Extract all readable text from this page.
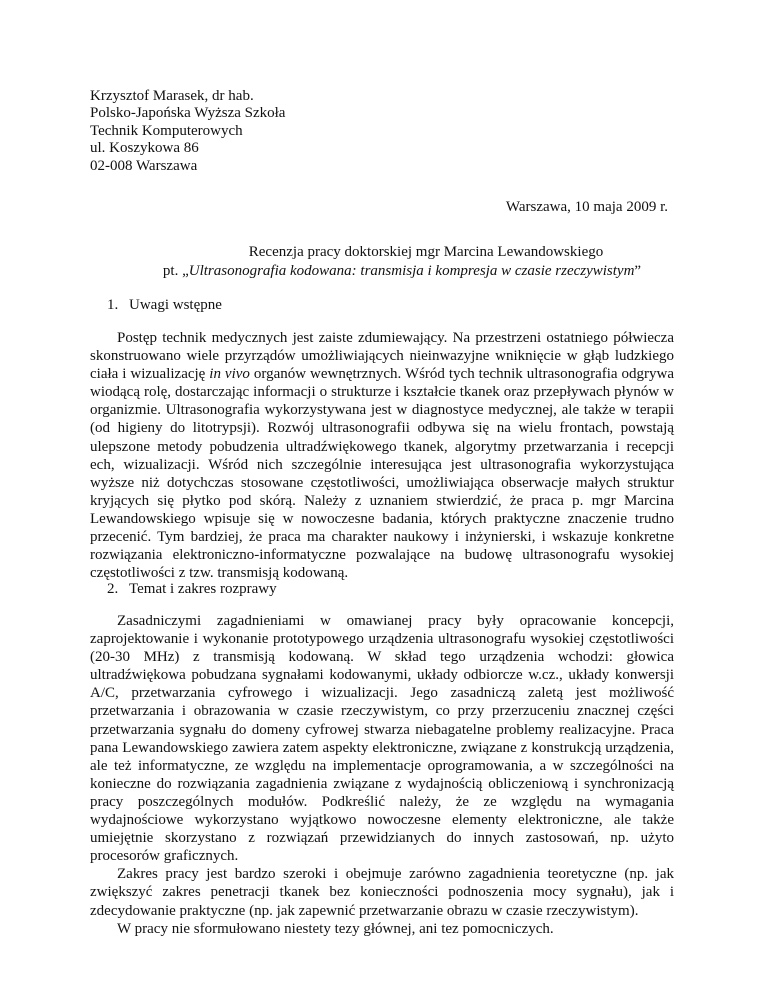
Krzysztof Marasek, dr hab.
Polsko-Japońska Wyższa Szkoła
Technik Komputerowych
ul. Koszykowa 86
02-008 Warszawa
Warszawa, 10 maja 2009 r.
Recenzja pracy doktorskiej mgr Marcina Lewandowskiego
pt. „Ultrasonografia kodowana: transmisja i kompresja w czasie rzeczywistym”
1. Uwagi wstępne

Postęp technik medycznych jest zaiste zdumiewający. Na przestrzeni ostatniego półwiecza skonstruowano wiele przyrządów umożliwiających nieinwazyjne wniknięcie w głąb ludzkiego ciała i wizualizację in vivo organów wewnętrznych. Wśród tych technik ultrasonografia odgrywa wiodącą rolę, dostarczając informacji o strukturze i kształcie tkanek oraz przepływach płynów w organizmie. Ultrasonografia wykorzystywana jest w diagnostyce medycznej, ale także w terapii (od higieny do litotrypsji). Rozwój ultrasonografii odbywa się na wielu frontach, powstają ulepszone metody pobudzenia ultradźwiękowego tkanek, algorytmy przetwarzania i recepcji ech, wizualizacji. Wśród nich szczególnie interesująca jest ultrasonografia wykorzystująca wyższe niż dotychczas stosowane częstotliwości, umożliwiająca obserwacje małych struktur kryjących się płytko pod skórą. Należy z uznaniem stwierdzić, że praca p. mgr Marcina Lewandowskiego wpisuje się w nowoczesne badania, których praktyczne znaczenie trudno przecenić. Tym bardziej, że praca ma charakter naukowy i inżynierski, i wskazuje konkretne rozwiązania elektroniczno-informatyczne pozwalające na budowę ultrasonografu wysokiej częstotliwości z tzw. transmisją kodowaną.

2. Temat i zakres rozprawy

Zasadniczymi zagadnieniami w omawianej pracy były opracowanie koncepcji, zaprojektowanie i wykonanie prototypowego urządzenia ultrasonografu wysokiej częstotliwości (20-30 MHz) z transmisją kodowaną. W skład tego urządzenia wchodzi: głowica ultradźwiękowa pobudzana sygnałami kodowanymi, układy odbiorcze w.cz., układy konwersji A/C, przetwarzania cyfrowego i wizualizacji. Jego zasadniczą zaletą jest możliwość przetwarzania i obrazowania w czasie rzeczywistym, co przy przerzuceniu znacznej części przetwarzania sygnału do domeny cyfrowej stwarza niebagatelne problemy realizacyjne. Praca pana Lewandowskiego zawiera zatem aspekty elektroniczne, związane z konstrukcją urządzenia, ale też informatyczne, ze względu na implementacje oprogramowania, a w szczególności na konieczne do rozwiązania zagadnienia związane z wydajnością obliczeniową i synchronizacją pracy poszczególnych modułów. Podkreślić należy, że ze względu na wymagania wydajnościowe wykorzystano wyjątkowo nowoczesne elementy elektroniczne, ale także umiejętnie skorzystano z rozwiązań przewidzianych do innych zastosowań, np. użyto procesorów graficznych.

Zakres pracy jest bardzo szeroki i obejmuje zarówno zagadnienia teoretyczne (np. jak zwiększyć zakres penetracji tkanek bez konieczności podnoszenia mocy sygnału), jak i zdecydowanie praktyczne (np. jak zapewnić przetwarzanie obrazu w czasie rzeczywistym).

W pracy nie sformułowano niestety tezy głównej, ani tez pomocniczych.
